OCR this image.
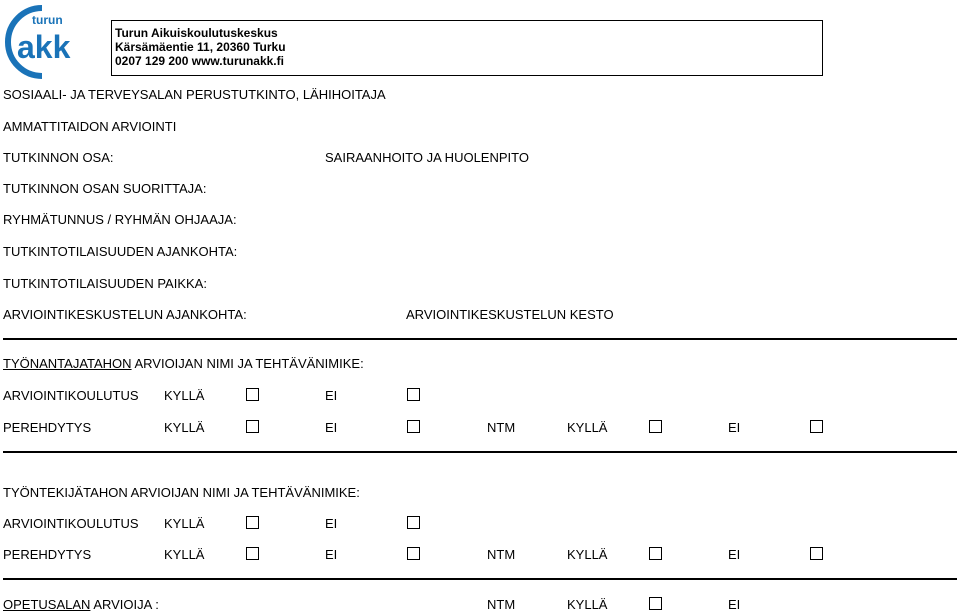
turun
akk	Turun Aikuiskoulutuskeskus
Kärsämäentie 11, 20360 Turku
0207 129 200 www.turunakk.fi
SOSIAALI- JA TERVEYSALAN PERUSTUTKINTO, LÄHIHOITAJA
AMMATTITAIDON ARVIOINTI
TUTKINNON OSA:	SAIRAANHOITO JA HUOLENPITO
TUTKINNON OSAN SUORITTAJA:
RYHMÄTUNNUS / RYHMÄN OHJAAJA:
TUTKINTOTILAISUUDEN AJANKOHTA:
TUTKINTOTILAISUUDEN PAIKKA:
ARVIOINTIKESKUSTELUN AJANKOHTA:	ARVIOINTIKESKUSTELUN KESTO
TYÖNANTAJATAHON ARVIOIJAN NIMI JA TEHTÄVÄNIMIKE:
ARVIOINTIKOULUTUS KYLLÄ	EI
PEREHDYTYS	KYLLÄ	EI	NTM	KYLLÄ	EI
TYÖNTEKIJÄTAHON ARVIOIJAN NIMI JA TEHTÄVÄNIMIKE:
ARVIOINTIKOULUTUS KYLLÄ	EI
PEREHDYTYS	KYLLÄ	EI	NTM	KYLLÄ	EI
OPETUSALAN ARVIOIJA :	NTM	KYLLÄ	EI
